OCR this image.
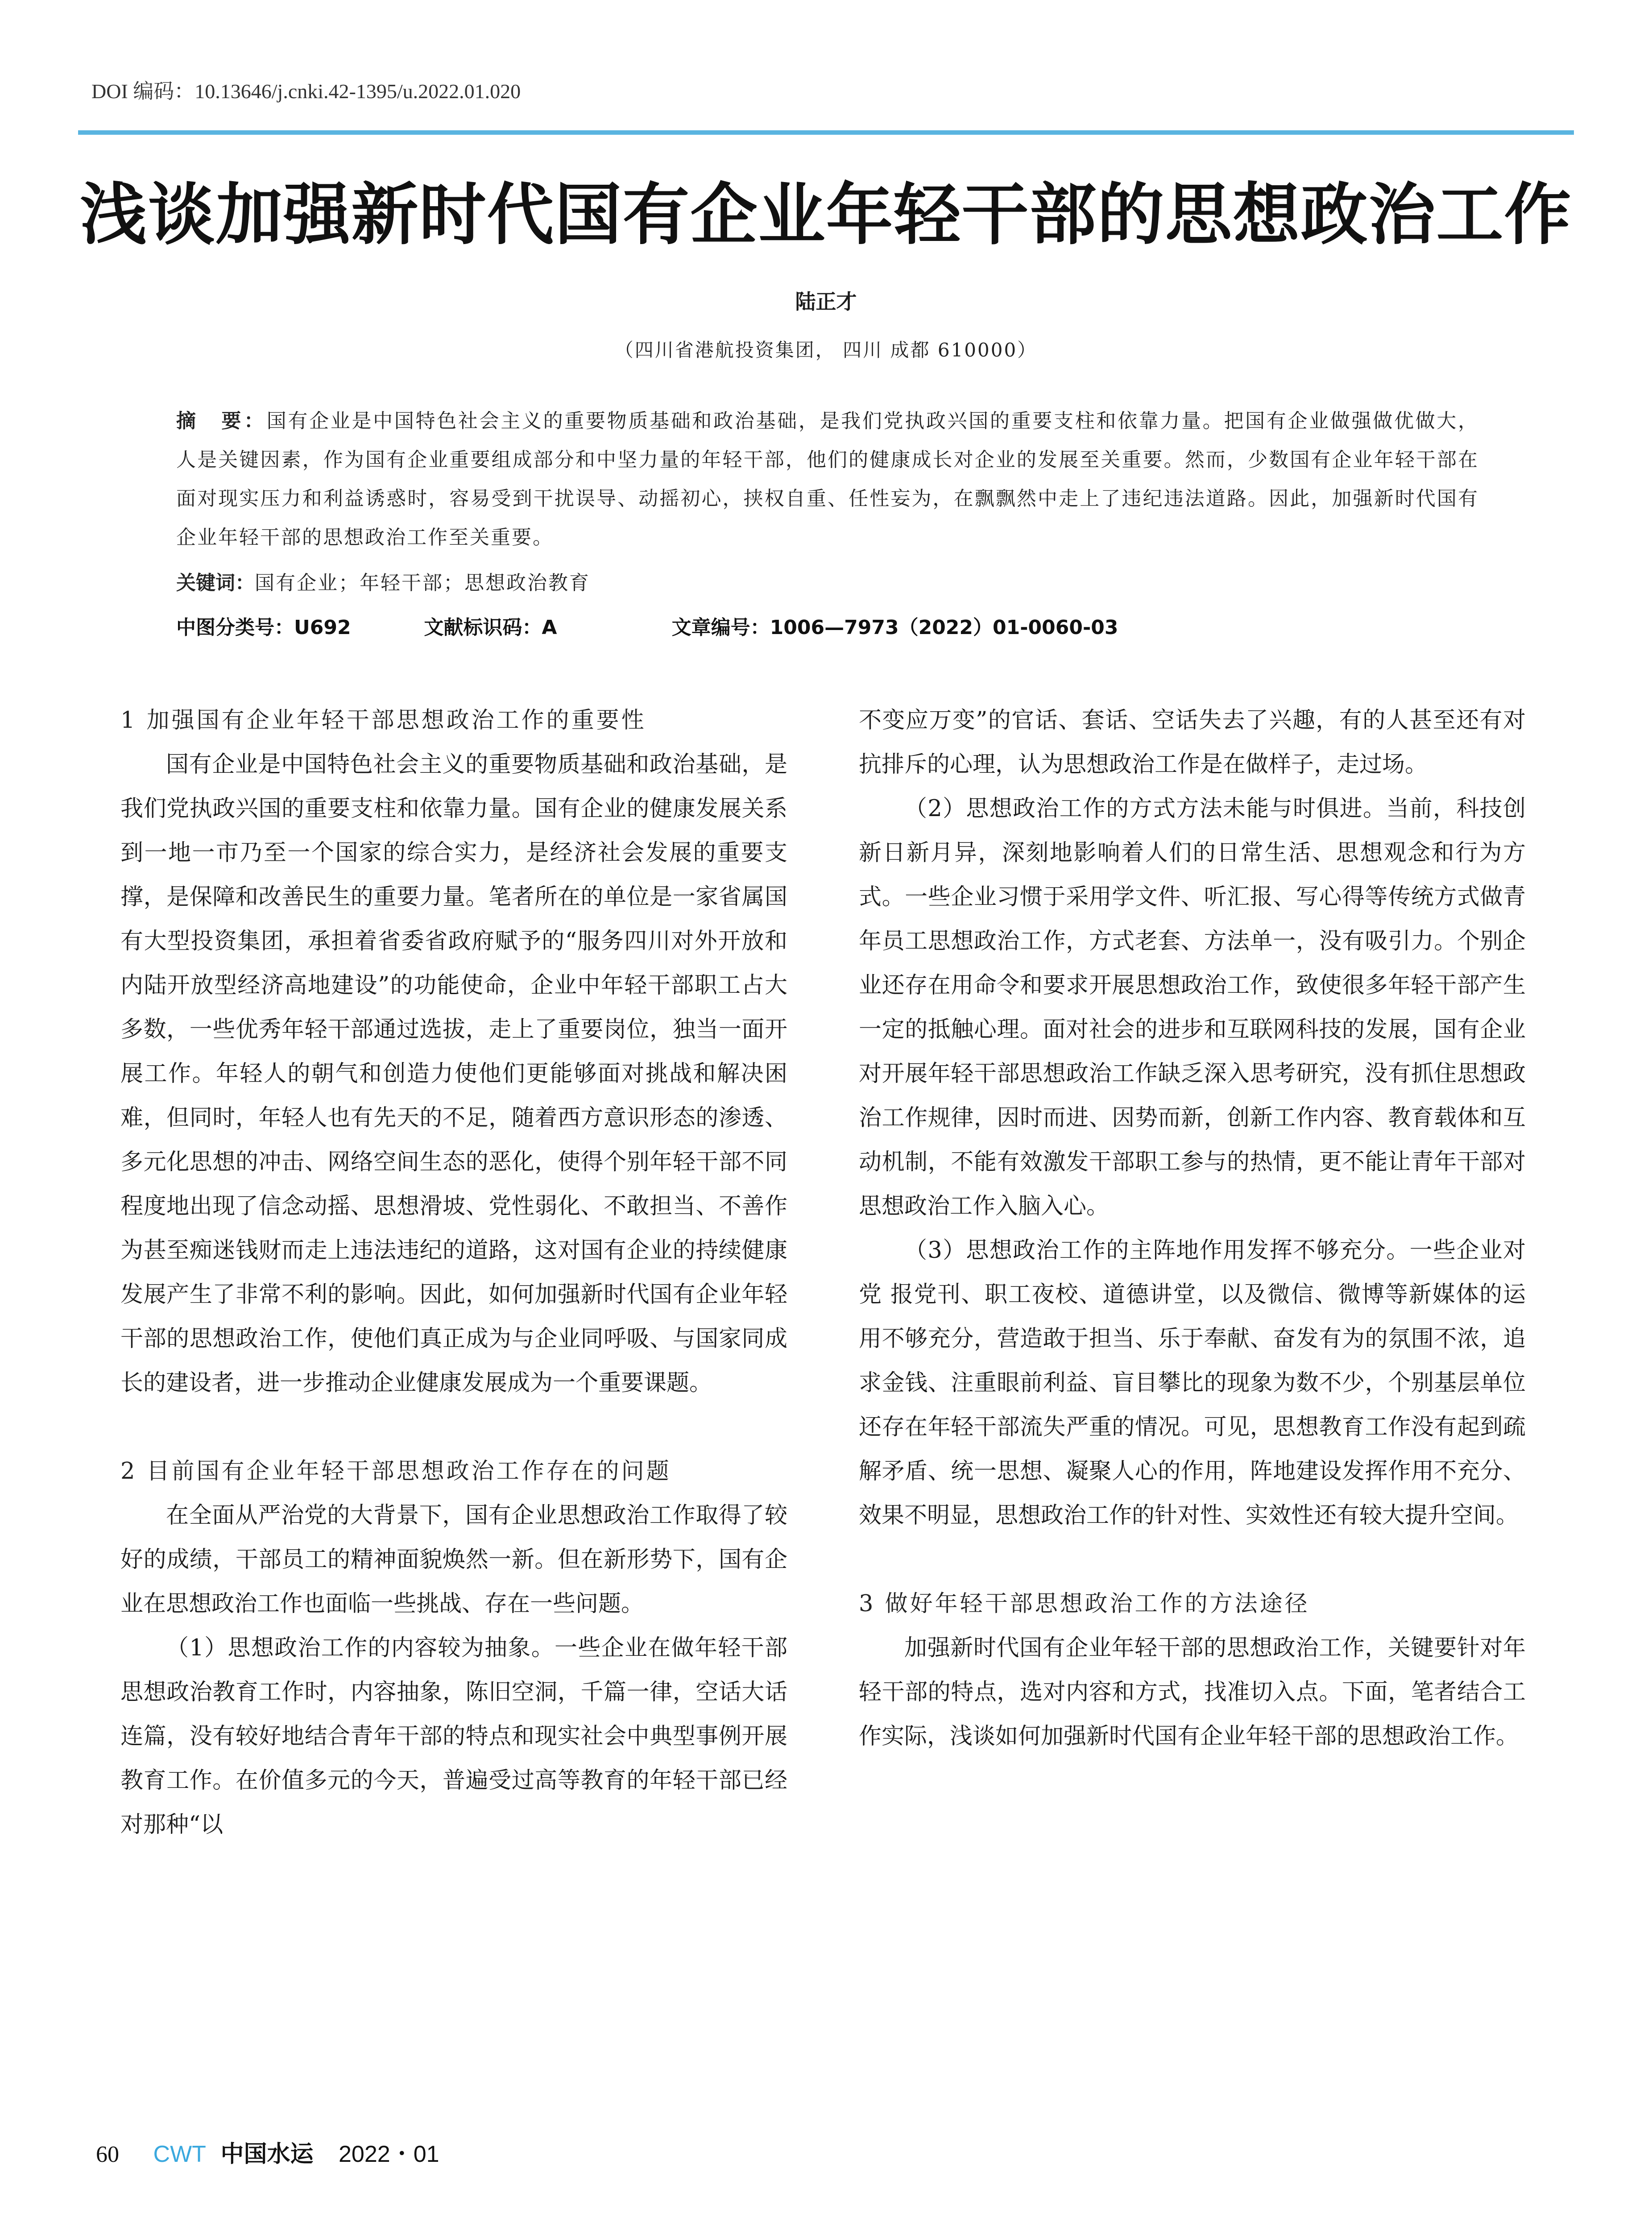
DOI 编码：10.13646/j.cnki.42-1395/u.2022.01.020
浅谈加强新时代国有企业年轻干部的思想政治工作
陆正才
（四川省港航投资集团， 四川 成都 610000）
摘　要：国有企业是中国特色社会主义的重要物质基础和政治基础，是我们党执政兴国的重要支柱和依靠力量。把国有企业做强做优做大，人是关键因素，作为国有企业重要组成部分和中坚力量的年轻干部，他们的健康成长对企业的发展至关重要。然而，少数国有企业年轻干部在面对现实压力和利益诱惑时，容易受到干扰误导、动摇初心，挟权自重、任性妄为，在飘飘然中走上了违纪违法道路。因此，加强新时代国有企业年轻干部的思想政治工作至关重要。
关键词：国有企业；年轻干部；思想政治教育
中图分类号：U692	文献标识码：A	文章编号：1006—7973（2022）01-0060-03
1 加强国有企业年轻干部思想政治工作的重要性

国有企业是中国特色社会主义的重要物质基础和政治基础，是我们党执政兴国的重要支柱和依靠力量。国有企业的健康发展关系到一地一市乃至一个国家的综合实力，是经济社会发展的重要支撑，是保障和改善民生的重要力量。笔者所在的单位是一家省属国有大型投资集团，承担着省委省政府赋予的“服务四川对外开放和内陆开放型经济高地建设”的功能使命，企业中年轻干部职工占大多数，一些优秀年轻干部通过选拔，走上了重要岗位，独当一面开展工作。年轻人的朝气和创造力使他们更能够面对挑战和解决困难，但同时，年轻人也有先天的不足，随着西方意识形态的渗透、多元化思想的冲击、网络空间生态的恶化，使得个别年轻干部不同程度地出现了信念动摇、思想滑坡、党性弱化、不敢担当、不善作为甚至痴迷钱财而走上违法违纪的道路，这对国有企业的持续健康发展产生了非常不利的影响。因此，如何加强新时代国有企业年轻干部的思想政治工作，使他们真正成为与企业同呼吸、与国家同成长的建设者，进一步推动企业健康发展成为一个重要课题。

2 目前国有企业年轻干部思想政治工作存在的问题

在全面从严治党的大背景下，国有企业思想政治工作取得了较好的成绩，干部员工的精神面貌焕然一新。但在新形势下，国有企业在思想政治工作也面临一些挑战、存在一些问题。

（1）思想政治工作的内容较为抽象。一些企业在做年轻干部思想政治教育工作时，内容抽象，陈旧空洞，千篇一律，空话大话连篇，没有较好地结合青年干部的特点和现实社会中典型事例开展教育工作。在价值多元的今天，普遍受过高等教育的年轻干部已经对那种“以

不变应万变”的官话、套话、空话失去了兴趣，有的人甚至还有对抗排斥的心理，认为思想政治工作是在做样子，走过场。

（2）思想政治工作的方式方法未能与时俱进。当前，科技创新日新月异，深刻地影响着人们的日常生活、思想观念和行为方式。一些企业习惯于采用学文件、听汇报、写心得等传统方式做青年员工思想政治工作，方式老套、方法单一，没有吸引力。个别企业还存在用命令和要求开展思想政治工作，致使很多年轻干部产生一定的抵触心理。面对社会的进步和互联网科技的发展，国有企业对开展年轻干部思想政治工作缺乏深入思考研究，没有抓住思想政治工作规律，因时而进、因势而新，创新工作内容、教育载体和互动机制，不能有效激发干部职工参与的热情，更不能让青年干部对思想政治工作入脑入心。

（3）思想政治工作的主阵地作用发挥不够充分。一些企业对党 报党刊、职工夜校、道德讲堂，以及微信、微博等新媒体的运用不够充分，营造敢于担当、乐于奉献、奋发有为的氛围不浓，追求金钱、注重眼前利益、盲目攀比的现象为数不少，个别基层单位还存在年轻干部流失严重的情况。可见，思想教育工作没有起到疏解矛盾、统一思想、凝聚人心的作用，阵地建设发挥作用不充分、效果不明显，思想政治工作的针对性、实效性还有较大提升空间。

3 做好年轻干部思想政治工作的方法途径

加强新时代国有企业年轻干部的思想政治工作，关键要针对年轻干部的特点，选对内容和方式，找准切入点。下面，笔者结合工作实际，浅谈如何加强新时代国有企业年轻干部的思想政治工作。

60 CWT 中国水运 2022・01
